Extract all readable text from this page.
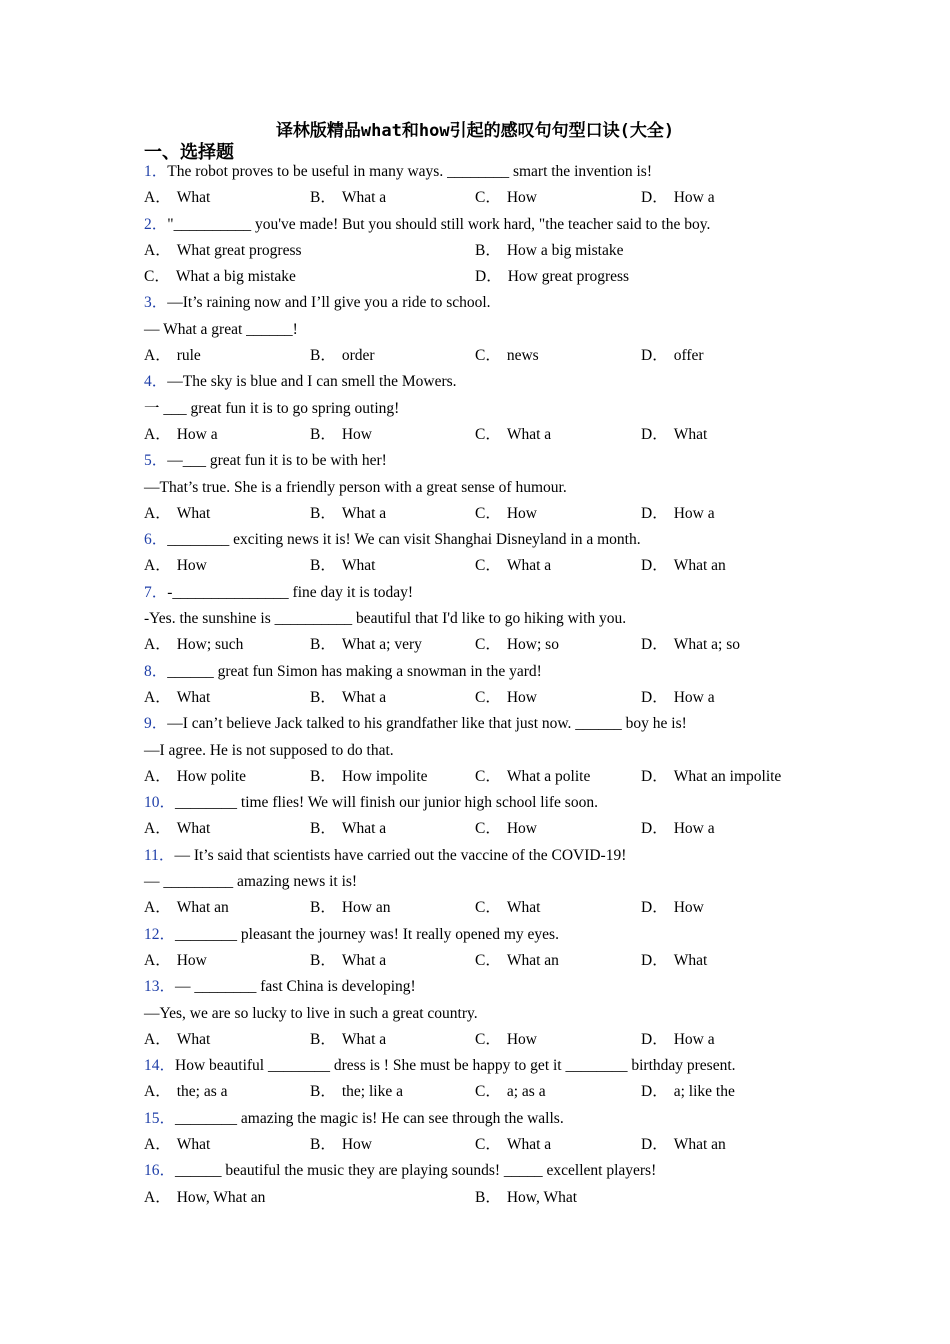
译林版精品what和how引起的感叹句句型口诀(大全)
一、选择题
1．The robot proves to be useful in many ways. ________ smart the invention is!
A． What	B． What a	C． How	D． How a
2．"__________ you've made! But you should still work hard, "the teacher said to the boy.
A． What great progress	B． How a big mistake
C． What a big mistake	D． How great progress
3．—It’s raining now and I’ll give you a ride to school.
— What a great ______!
A． rule	B． order	C． news	D． offer
4．—The sky is blue and I can smell the Mowers.
一 ___ great fun it is to go spring outing!
A． How a	B． How	C． What a	D． What
5．—___ great fun it is to be with her!
—That’s true. She is a friendly person with a great sense of humour.
A． What	B． What a	C． How	D． How a
6．________ exciting news it is! We can visit Shanghai Disneyland in a month.
A． How	B． What	C． What a	D． What an
7．-_______________ fine day it is today!
-Yes. the sunshine is __________ beautiful that I'd like to go hiking with you.
A． How; such	B． What a; very	C． How; so	D． What a; so
8．______ great fun Simon has making a snowman in the yard!
A． What	B． What a	C． How	D． How a
9．—I can’t believe Jack talked to his grandfather like that just now. ______ boy he is!
—I agree. He is not supposed to do that.
A． How polite	B． How impolite	C． What a polite	D． What an impolite
10．________ time flies! We will finish our junior high school life soon.
A． What	B． What a	C． How	D． How a
11．— It’s said that scientists have carried out the vaccine of the COVID-19!
— _________ amazing news it is!
A． What an	B． How an	C． What	D． How
12．________ pleasant the journey was! It really opened my eyes.
A． How	B． What a	C． What an	D． What
13．— ________ fast China is developing!
—Yes, we are so lucky to live in such a great country.
A． What	B． What a	C． How	D． How a
14．How beautiful ________ dress is ! She must be happy to get it ________ birthday present.
A． the; as a	B． the; like a	C． a; as a	D． a; like the
15．________ amazing the magic is! He can see through the walls.
A． What	B． How	C． What a	D． What an
16．______ beautiful the music they are playing sounds! _____ excellent players!
A． How, What an	B． How, What
